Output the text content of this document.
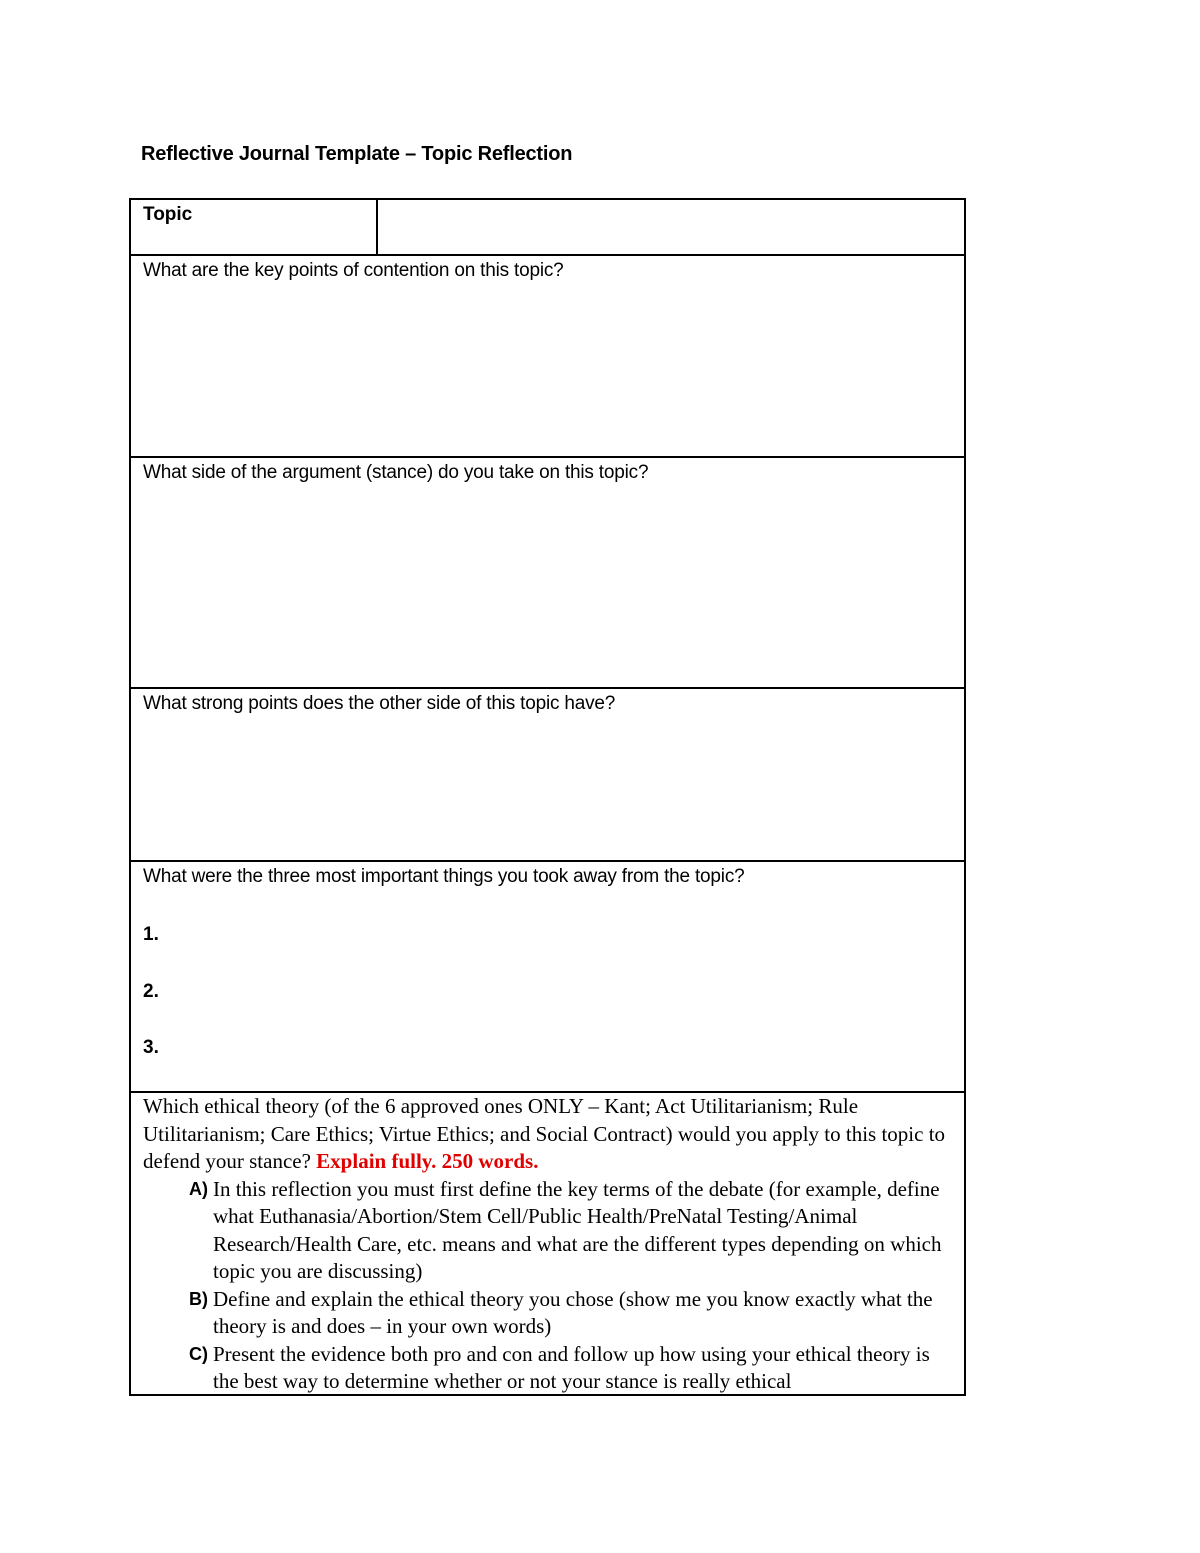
Reflective Journal Template – Topic Reflection
Topic
What are the key points of contention on this topic?
What side of the argument (stance) do you take on this topic?
What strong points does the other side of this topic have?
What were the three most important things you took away from the topic?
1.
2.
3.
Which ethical theory (of the 6 approved ones ONLY – Kant; Act Utilitarianism; Rule Utilitarianism; Care Ethics; Virtue Ethics; and Social Contract) would you apply to this topic to defend your stance? Explain fully. 250 words.
A) In this reflection you must first define the key terms of the debate (for example, define what Euthanasia/Abortion/Stem Cell/Public Health/PreNatal Testing/Animal Research/Health Care, etc. means and what are the different types depending on which topic you are discussing)
B) Define and explain the ethical theory you chose (show me you know exactly what the theory is and does – in your own words)
C) Present the evidence both pro and con and follow up how using your ethical theory is the best way to determine whether or not your stance is really ethical
